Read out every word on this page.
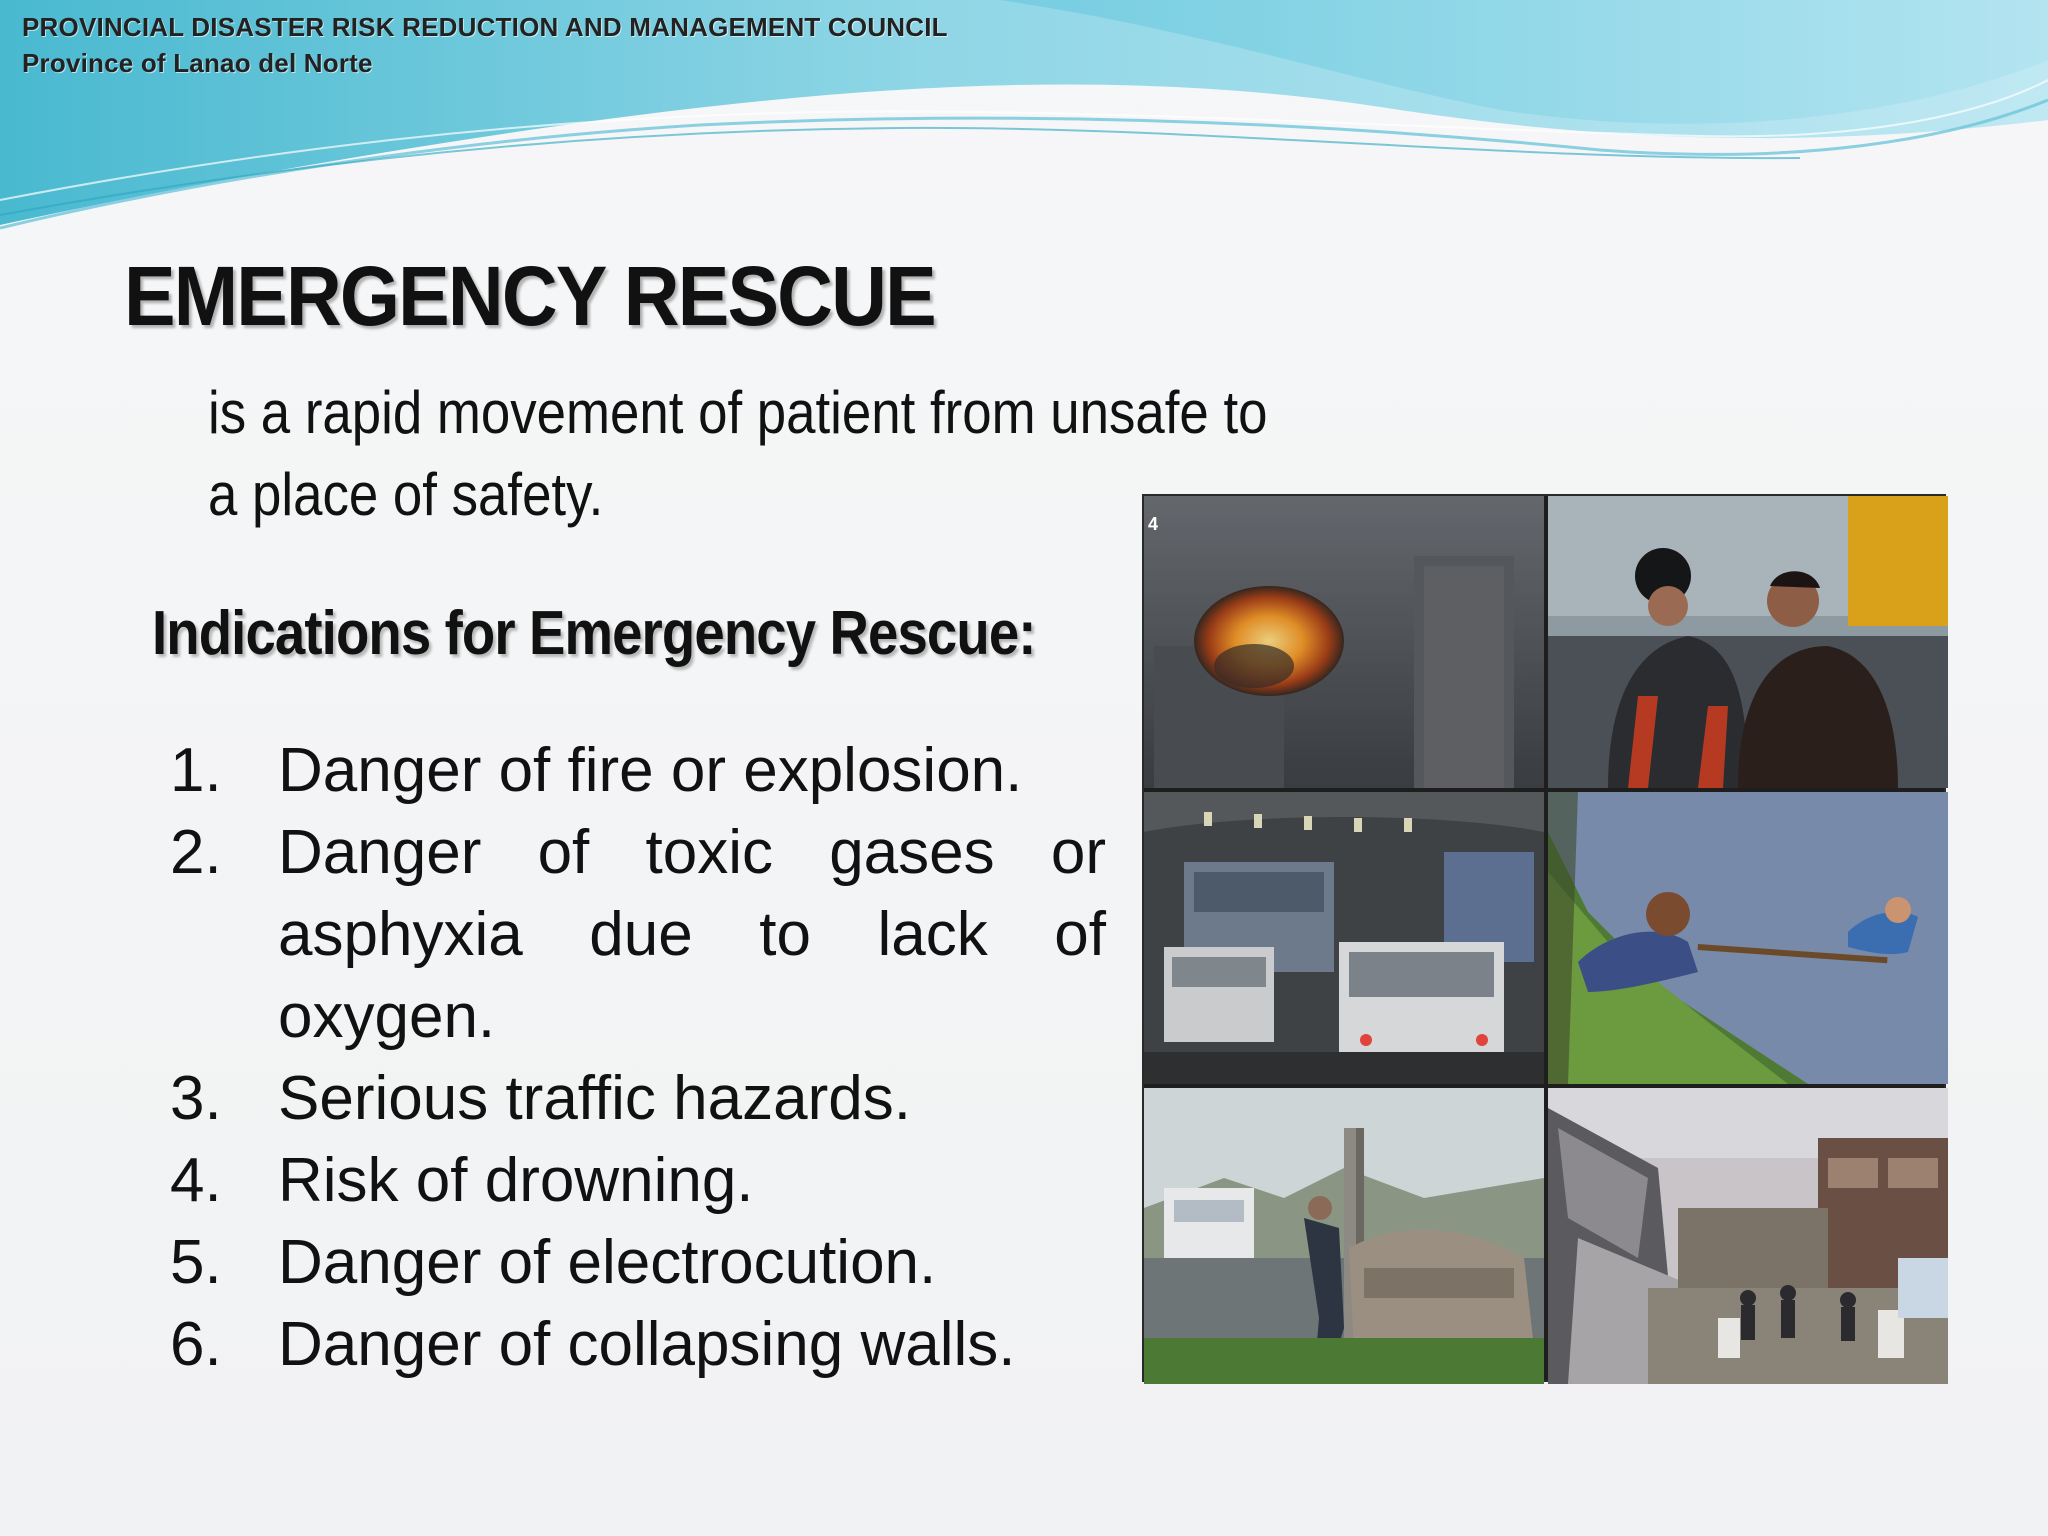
PROVINCIAL DISASTER RISK REDUCTION AND MANAGEMENT COUNCIL

Province of Lanao del Norte

EMERGENCY RESCUE

is a rapid movement of patient from unsafe to a place of safety.

Indications for Emergency Rescue:
1. Danger of fire or explosion.
2. Danger of toxic gases or asphyxia due to lack of oxygen.
3. Serious traffic hazards.
4. Risk of drowning.
5. Danger of electrocution.
6. Danger of collapsing walls.
4
